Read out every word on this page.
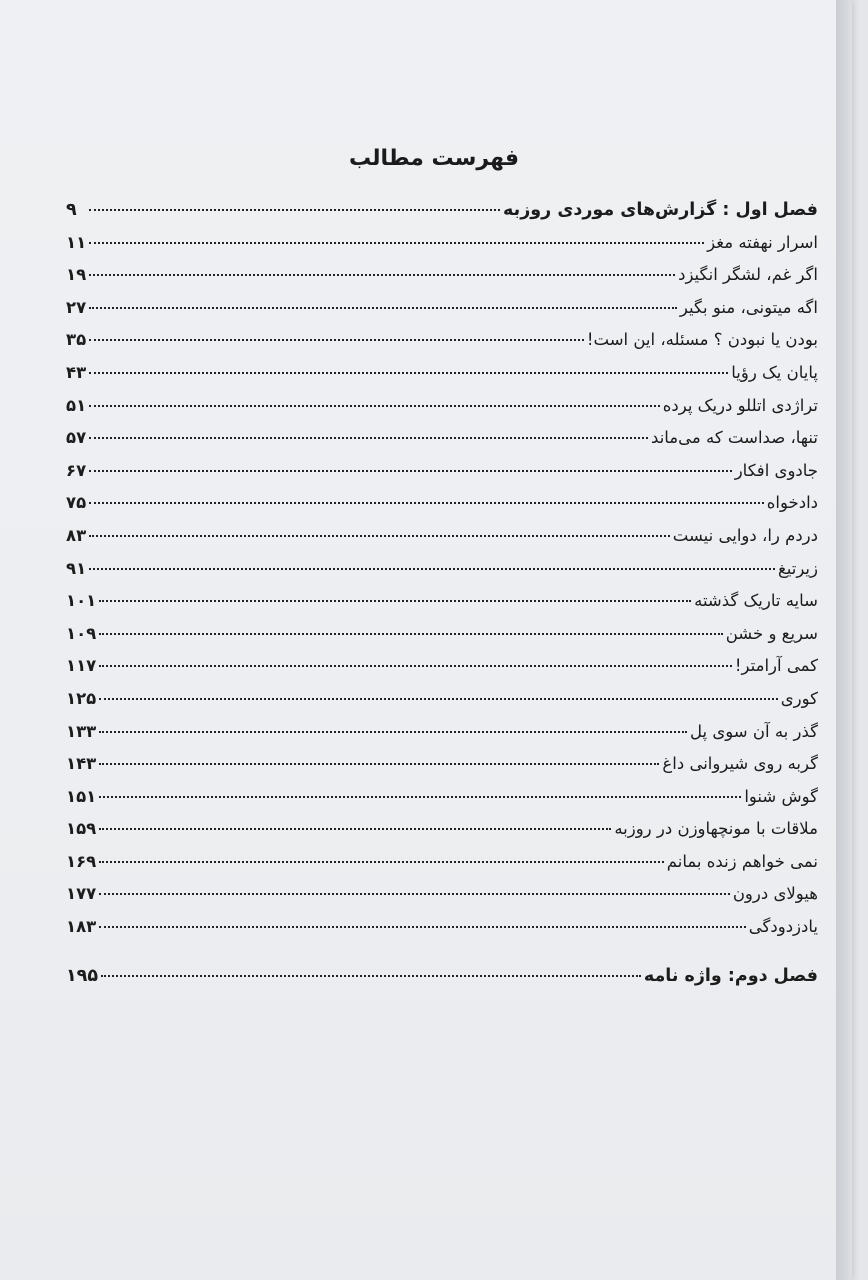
فهرست مطالب
فصل اول : گزارش‌های موردی روزبه
۹
اسرار نهفته مغز
۱۱
اگر غم، لشگر انگیزد
۱۹
اگه میتونی، منو بگیر
۲۷
بودن یا نبودن ؟ مسئله، این است!
۳۵
پایان یک رؤیا
۴۳
تراژدی اتللو دریک پرده
۵۱
تنها، صداست که می‌ماند
۵۷
جادوی افکار
۶۷
دادخواه
۷۵
دردم را، دوایی نیست
۸۳
زیرتیغ
۹۱
سایه تاریک گذشته
۱۰۱
سریع و خشن
۱۰۹
کمی آرامتر!
۱۱۷
کوری
۱۲۵
گذر به آن سوی پل
۱۳۳
گربه روی شیروانی داغ
۱۴۳
گوش شنوا
۱۵۱
ملاقات با مونچهاوزن در روزبه
۱۵۹
نمی خواهم زنده بمانم
۱۶۹
هیولای درون
۱۷۷
یادزدودگی
۱۸۳
فصل دوم: واژه نامه
۱۹۵
